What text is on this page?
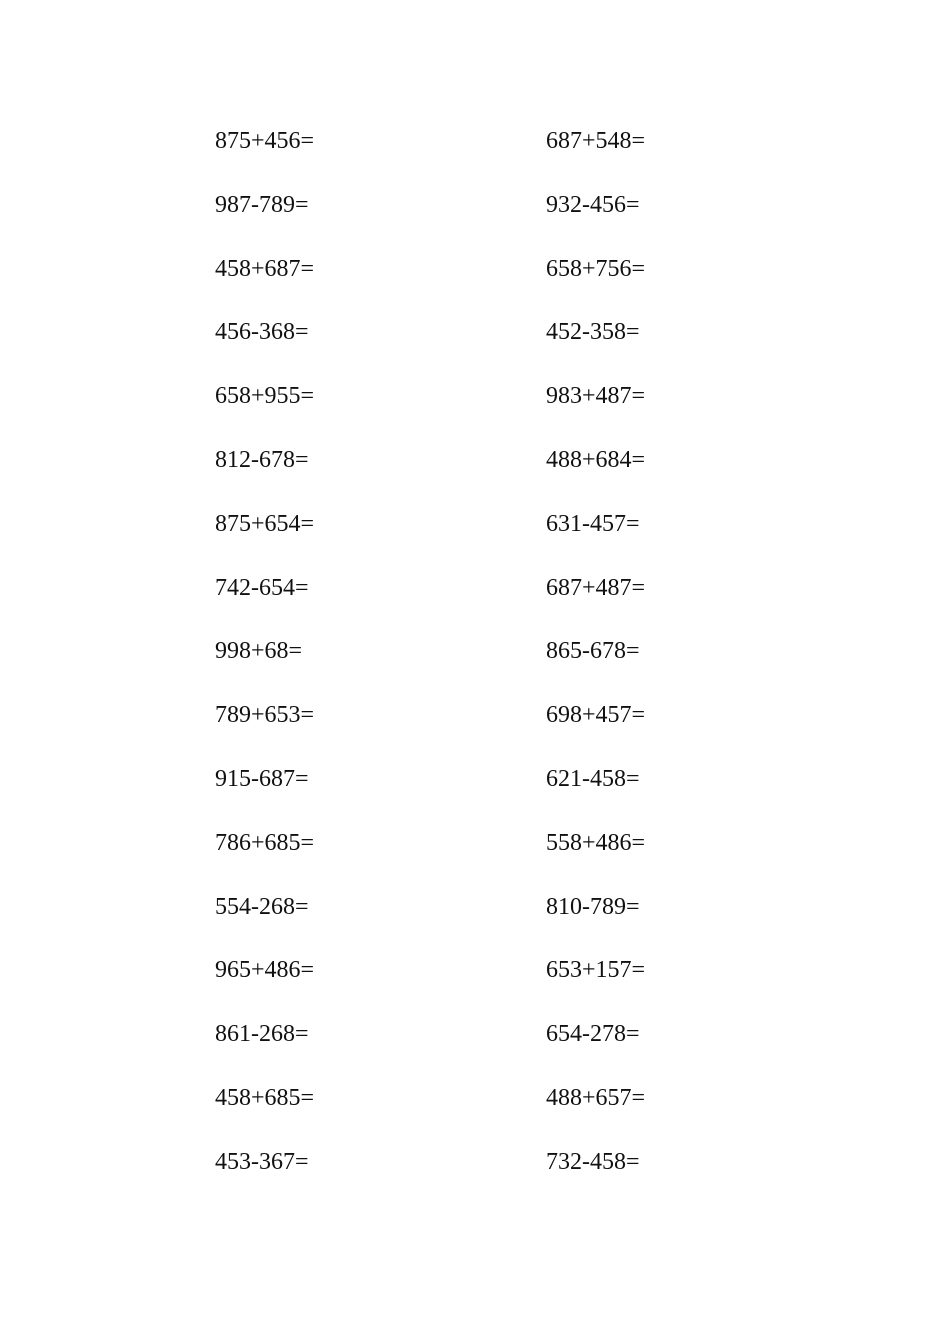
875+456=
987-789=
458+687=
456-368=
658+955=
812-678=
875+654=
742-654=
998+68=
789+653=
915-687=
786+685=
554-268=
965+486=
861-268=
458+685=
453-367=
687+548=
932-456=
658+756=
452-358=
983+487=
488+684=
631-457=
687+487=
865-678=
698+457=
621-458=
558+486=
810-789=
653+157=
654-278=
488+657=
732-458=
